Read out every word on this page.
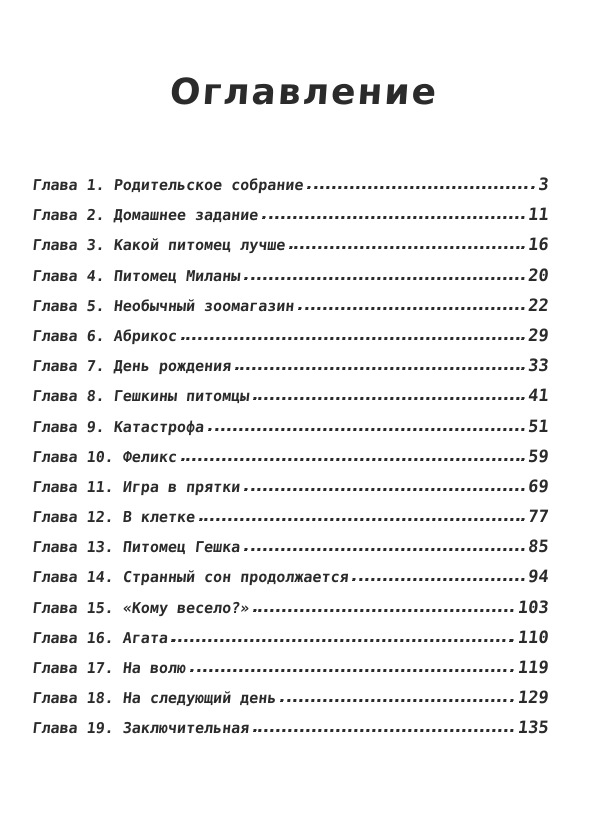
Оглавление
Глава 1. Родительское собрание	3
Глава 2. Домашнее задание	11
Глава 3. Какой питомец лучше	16
Глава 4. Питомец Миланы	20
Глава 5. Необычный зоомагазин	22
Глава 6. Абрикос	29
Глава 7. День рождения	33
Глава 8. Гешкины питомцы	41
Глава 9. Катастрофа	51
Глава 10. Феликс	59
Глава 11. Игра в прятки	69
Глава 12. В клетке	77
Глава 13. Питомец Гешка	85
Глава 14. Странный сон продолжается	94
Глава 15. «Кому весело?»	103
Глава 16. Агата	110
Глава 17. На волю	119
Глава 18. На следующий день	129
Глава 19. Заключительная	135
